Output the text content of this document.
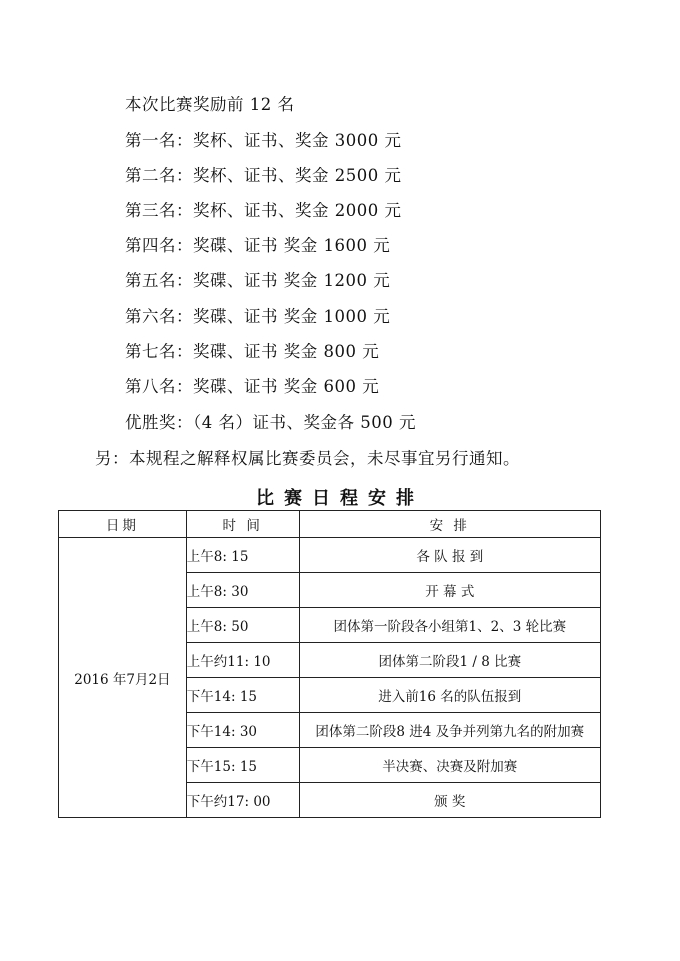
本次比赛奖励前 12 名
第一名：奖杯、证书、奖金 3000 元
第二名：奖杯、证书、奖金 2500 元
第三名：奖杯、证书、奖金 2000 元
第四名：奖碟、证书 奖金 1600 元
第五名：奖碟、证书 奖金 1200 元
第六名：奖碟、证书 奖金 1000 元
第七名：奖碟、证书 奖金 800 元
第八名：奖碟、证书 奖金 600 元
优胜奖：（4 名）证书、奖金各 500 元
另：本规程之解释权属比赛委员会，未尽事宜另行通知。
比赛日程安排
日期	时 间	安 排
2016 年7月2日	上午8: 15	各 队 报 到
	上午8: 30	开 幕 式
	上午8: 50	团体第一阶段各小组第1、2、3 轮比赛
	上午约11: 10	团体第二阶段1 / 8 比赛
	下午14: 15	进入前16 名的队伍报到
	下午14: 30	团体第二阶段8 进4 及争并列第九名的附加赛
	下午15: 15	半决赛、决赛及附加赛
	下午约17: 00	颁 奖
